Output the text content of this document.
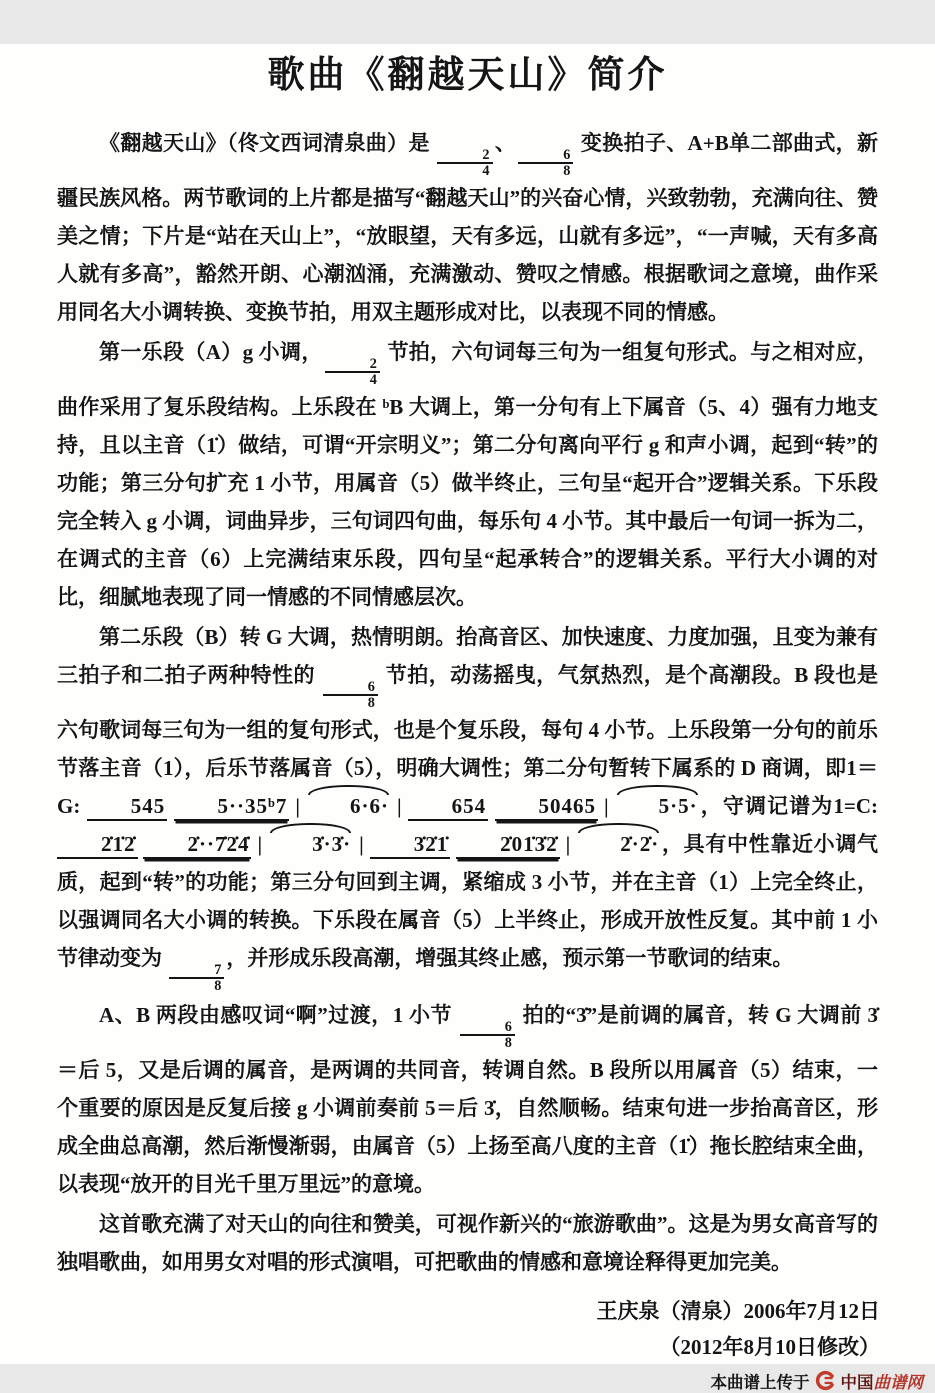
歌曲《翻越天山》简介

《翻越天山》（佟文西词清泉曲）是
$\frac{2}{4}$
、
$\frac{6}{8}$
变换拍子、A+B单二部曲式，新疆民族风格。两节歌词的上片都是描写“翻越天山”的兴奋心情，兴致勃勃，充满向往、赞美之情；下片是“站在天山上”，“放眼望，天有多远，山就有多远”，“一声喊，天有多高人就有多高”，豁然开朗、心潮汹涌，充满激动、赞叹之情感。根据歌词之意境，曲作采用同名大小调转换、变换节拍，用双主题形成对比，以表现不同的情感。

第一乐段（A）g 小调，
$\frac{2}{4}$
节拍，六句词每三句为一组复句形式。与之相对应，曲作采用了复乐段结构。上乐段在 ᵇB 大调上，第一分句有上下属音（5、4）强有力地支持，且以主音（1̇）做结，可谓“开宗明义”；第二分句离向平行 g 和声小调，起到“转”的功能；第三分句扩充 1 小节，用属音（5）做半终止，三句呈“起开合”逻辑关系。下乐段完全转入 g 小调，词曲异步，三句词四句曲，每乐句 4 小节。其中最后一句词一拆为二，在调式的主音（6）上完满结束乐段，四句呈“起承转合”的逻辑关系。平行大小调的对比，细腻地表现了同一情感的不同情感层次。

第二乐段（B）转 G 大调，热情明朗。抬高音区、加快速度、力度加强，且变为兼有三拍子和二拍子两种特性的
$\frac{6}{8}$
节拍，动荡摇曳，气氛热烈，是个高潮段。B 段也是六句歌词每三句为一组的复句形式，也是个复乐段，每句 4 小节。上乐段第一分句的前乐节落主音（1），后乐节落属音（5），明确大调性；第二分句暂转下属系的 D 商调，即1＝G: 545 5··35ᵇ7 | 6·6· | 654 50465 | 5·5·，守调记谱为1=C: 2̇1̇2̇ 2̇··7̇2̇4̇ | 3̇·3̇· | 3̇2̇1̇ 2̇01̇3̇2̇ | 2̇·2̇·，具有中性靠近小调气质，起到“转”的功能；第三分句回到主调，紧缩成 3 小节，并在主音（1）上完全终止，以强调同名大小调的转换。下乐段在属音（5）上半终止，形成开放性反复。其中前 1 小节律动变为
$\frac{7}{8}$
，并形成乐段高潮，增强其终止感，预示第一节歌词的结束。

A、B 两段由感叹词“啊”过渡，1 小节
$\frac{6}{8}$
拍的“3̇”是前调的属音，转 G 大调前 3̇＝后 5，又是后调的属音，是两调的共同音，转调自然。B 段所以用属音（5）结束，一个重要的原因是反复后接 g 小调前奏前 5＝后 3̇，自然顺畅。结束句进一步抬高音区，形成全曲总高潮，然后渐慢渐弱，由属音（5）上扬至高八度的主音（1̇）拖长腔结束全曲，以表现“放开的目光千里万里远”的意境。

这首歌充满了对天山的向往和赞美，可视作新兴的“旅游歌曲”。这是为男女高音写的独唱歌曲，如用男女对唱的形式演唱，可把歌曲的情感和意境诠释得更加完美。

王庆泉（清泉）2006年7月12日
（2012年8月10日修改）
本曲谱上传于 中国曲谱网
